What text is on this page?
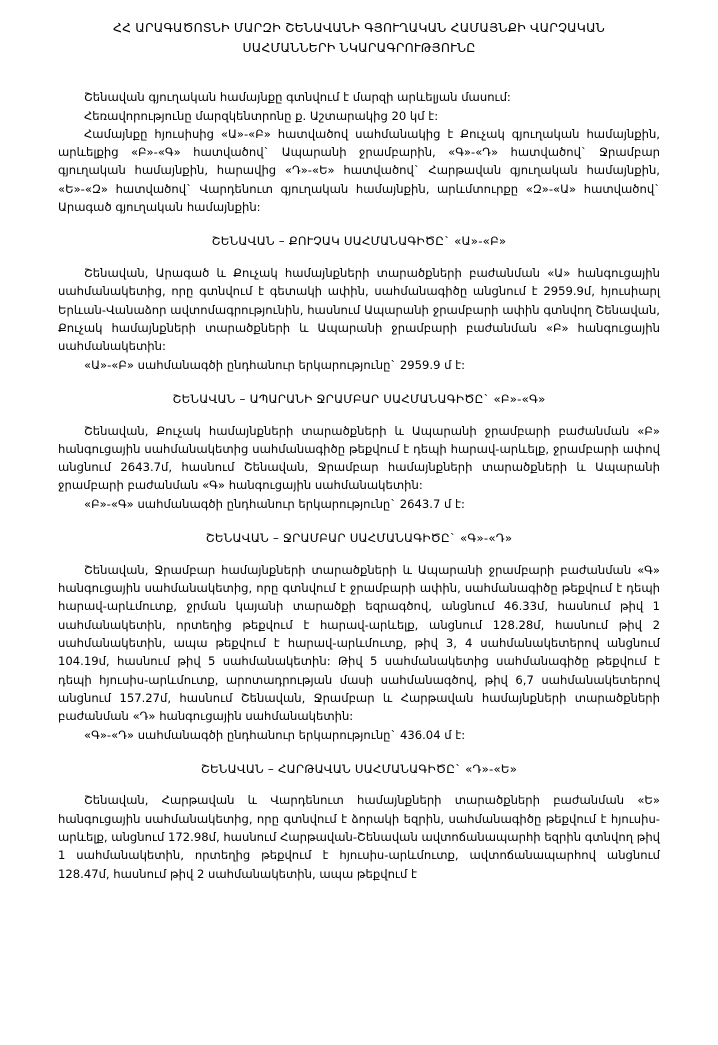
ՀՀ ԱՐԱԳԱԾՈՏՆԻ ՄԱՐԶԻ ՇԵՆԱՎԱՆԻ ԳՅՈՒՂԱԿԱՆ ՀԱՄԱՅՆՔԻ ՎԱՐՉԱԿԱՆ
ՍԱՀՄԱՆՆԵՐԻ ՆԿԱՐԱԳՐՈՒԹՅՈՒՆԸ

Շենավան գյուղական համայնքը գտնվում է մարզի արևելյան մասում:

Հեռավորությունը մարզկենտրոնը ք. Աշտարակից 20 կմ է:

Համայնքը հյուսիսից «Ա»-«Բ» հատվածով սահմանակից է Քուչակ գյուղական համայնքին, արևելքից «Բ»-«Գ» հատվածով` Ապարանի ջրամբարին, «Գ»-«Դ» հատվածով` Ջրամբար գյուղական համայնքին, հարավից «Դ»-«Ե» հատվածով` Հարթավան գյուղական համայնքին, «Ե»-«Զ» հատվածով` Վարդենուտ գյուղական համայնքին, արևմտուրքը «Զ»-«Ա» հատվածով` Արագած գյուղական համայնքին:

ՇԵՆԱՎԱՆ – ՔՈՒՉԱԿ ՍԱՀՄԱՆԱԳԻԾԸ` «Ա»-«Բ»

Շենավան, Արագած և Քուչակ համայնքների տարածքների բաժանման «Ա» հանգուցային սահմանակետից, որը գտնվում է գետակի ափին, սահմանագիծը անցնում է 2959.9մ, հյուսիարլ Երևան-Վանաձոր ավտոմագրությունին, հասնում Ապարանի ջրամբարի ափին գտնվող Շենավան, Քուչակ համայնքների տարածքների և Ապարանի ջրամբարի բաժանման «Բ» հանգուցային սահմանակետին:

«Ա»-«Բ» սահմանագծի ընդհանուր երկարությունը` 2959.9 մ է:

ՇԵՆԱՎԱՆ – ԱՊԱՐԱՆԻ ՋՐԱՄԲԱՐ ՍԱՀՄԱՆԱԳԻԾԸ` «Բ»-«Գ»

Շենավան, Քուչակ համայնքների տարածքների և Ապարանի ջրամբարի բաժանման «Բ» հանգուցային սահմանակետից սահմանագիծը թեքվում է դեպի հարավ-արևելք, ջրամբարի ափով անցնում 2643.7մ, հասնում Շենավան, Ջրամբար համայնքների տարածքների և Ապարանի ջրամբարի բաժանման «Գ» հանգուցային սահմանակետին:

«Բ»-«Գ» սահմանագծի ընդհանուր երկարությունը` 2643.7 մ է:

ՇԵՆԱՎԱՆ – ՋՐԱՄԲԱՐ ՍԱՀՄԱՆԱԳԻԾԸ` «Գ»-«Դ»

Շենավան, Ջրամբար համայնքների տարածքների և Ապարանի ջրամբարի բաժանման «Գ» հանգուցային սահմանակետից, որը գտնվում է ջրամբարի ափին, սահմանագիծը թեքվում է դեպի հարավ-արևմուտք, ջրման կայանի տարածքի եզրագծով, անցնում 46.33մ, հասնում թիվ 1 սահմանակետին, որտեղից թեքվում է հարավ-արևելք, անցնում 128.28մ, հասնում թիվ 2 սահմանակետին, ապա թեքվում է հարավ-արևմուտք, թիվ 3, 4 սահմանակետերով անցնում 104.19մ, հասնում թիվ 5 սահմանակետին: Թիվ 5 սահմանակետից սահմանագիծը թեքվում է դեպի հյուսիս-արևմուտք, արոտադրության մասի սահմանագծով, թիվ 6,7 սահմանակետերով անցնում 157.27մ, հասնում Շենավան, Ջրամբար և Հարթավան համայնքների տարածքների բաժանման «Դ» հանգուցային սահմանակետին:

«Գ»-«Դ» սահմանագծի ընդհանուր երկարությունը` 436.04 մ է:

ՇԵՆԱՎԱՆ – ՀԱՐԹԱՎԱՆ ՍԱՀՄԱՆԱԳԻԾԸ` «Դ»-«Ե»

Շենավան, Հարթավան և Վարդենուտ համայնքների տարածքների բաժանման «Ե» հանգուցային սահմանակետից, որը գտնվում է ձորակի եզրին, սահմանագիծը թեքվում է հյուսիս-արևելք, անցնում 172.98մ, հասնում Հարթավան-Շենավան ավտոճանապարհի եզրին գտնվող թիվ 1 սահմանակետին, որտեղից թեքվում է հյուսիս-արևմուտք, ավտոճանապարհով անցնում 128.47մ, հասնում թիվ 2 սահմանակետին, ապա թեքվում է
